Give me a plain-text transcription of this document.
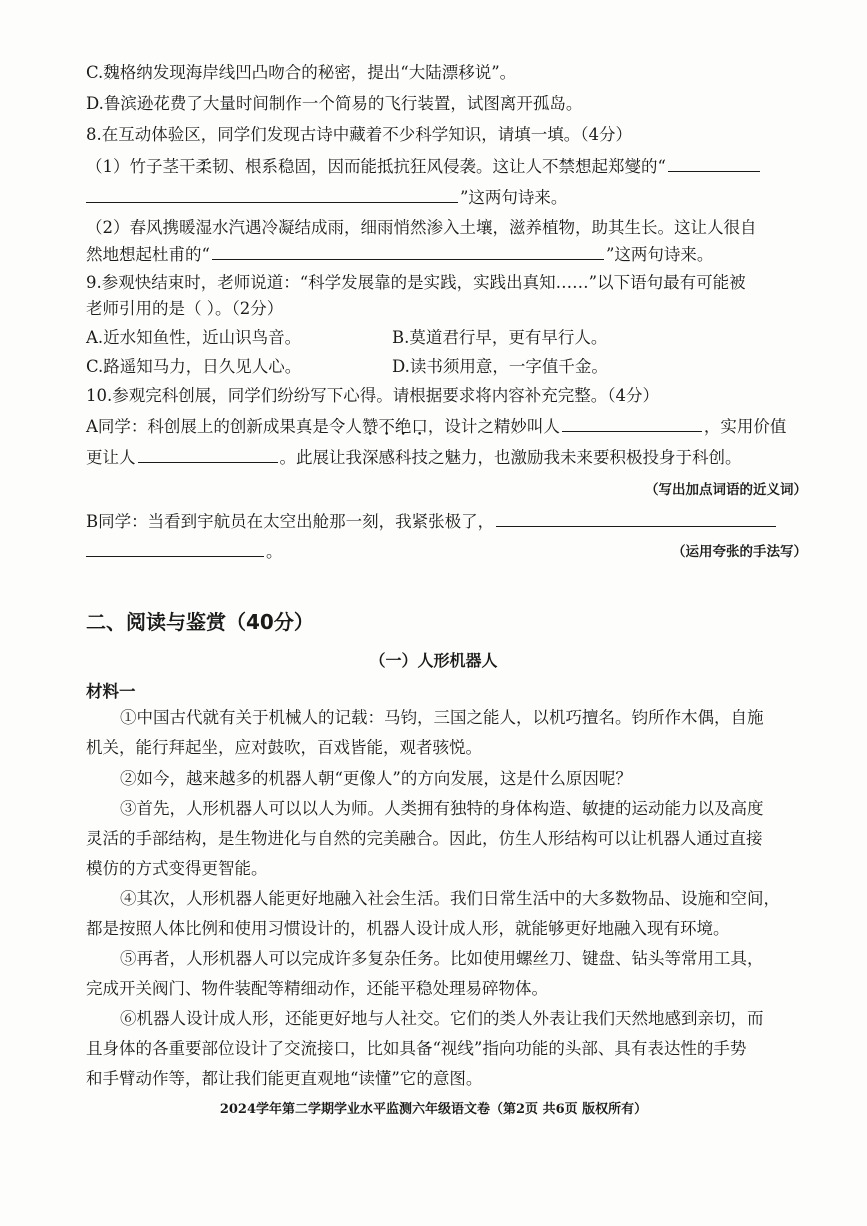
C.魏格纳发现海岸线凹凸吻合的秘密，提出“大陆漂移说”。
D.鲁滨逊花费了大量时间制作一个简易的飞行装置，试图离开孤岛。
8.在互动体验区，同学们发现古诗中藏着不少科学知识，请填一填。（4分）
（1）竹子茎干柔韧、根系稳固，因而能抵抗狂风侵袭。这让人不禁想起郑燮的“
”这两句诗来。
（2）春风携暖湿水汽遇冷凝结成雨，细雨悄然渗入土壤，滋养植物，助其生长。这让人很自
然地想起杜甫的“	”这两句诗来。
9.参观快结束时，老师说道：“科学发展靠的是实践，实践出真知……”以下语句最有可能被
老师引用的是（ ）。（2分）
A.近水知鱼性，近山识鸟音。	B.莫道君行早，更有早行人。
C.路遥知马力，日久见人心。	D.读书须用意，一字值千金。
10.参观完科创展，同学们纷纷写下心得。请根据要求将内容补充完整。（4分）
A同学：科创展上的创新成果真是令人赞不绝口，设计之精妙叫人	，实用价值
更让人	。此展让我深感科技之魅力，也激励我未来要积极投身于科创。
（写出加点词语的近义词）
B同学：当看到宇航员在太空出舱那一刻，我紧张极了，
。	（运用夸张的手法写）
二、阅读与鉴赏（40分）
（一）人形机器人
材料一
①中国古代就有关于机械人的记载：马钧，三国之能人，以机巧擅名。钧所作木偶，自施
机关，能行拜起坐，应对鼓吹，百戏皆能，观者骇悦。
②如今，越来越多的机器人朝“更像人”的方向发展，这是什么原因呢？
③首先，人形机器人可以以人为师。人类拥有独特的身体构造、敏捷的运动能力以及高度
灵活的手部结构，是生物进化与自然的完美融合。因此，仿生人形结构可以让机器人通过直接
模仿的方式变得更智能。
④其次，人形机器人能更好地融入社会生活。我们日常生活中的大多数物品、设施和空间，
都是按照人体比例和使用习惯设计的，机器人设计成人形，就能够更好地融入现有环境。
⑤再者，人形机器人可以完成许多复杂任务。比如使用螺丝刀、键盘、钻头等常用工具，
完成开关阀门、物件装配等精细动作，还能平稳处理易碎物体。
⑥机器人设计成人形，还能更好地与人社交。它们的类人外表让我们天然地感到亲切，而
且身体的各重要部位设计了交流接口，比如具备“视线”指向功能的头部、具有表达性的手势
和手臂动作等，都让我们能更直观地“读懂”它的意图。
2024学年第二学期学业水平监测六年级语文卷（第2页 共6页 版权所有）
